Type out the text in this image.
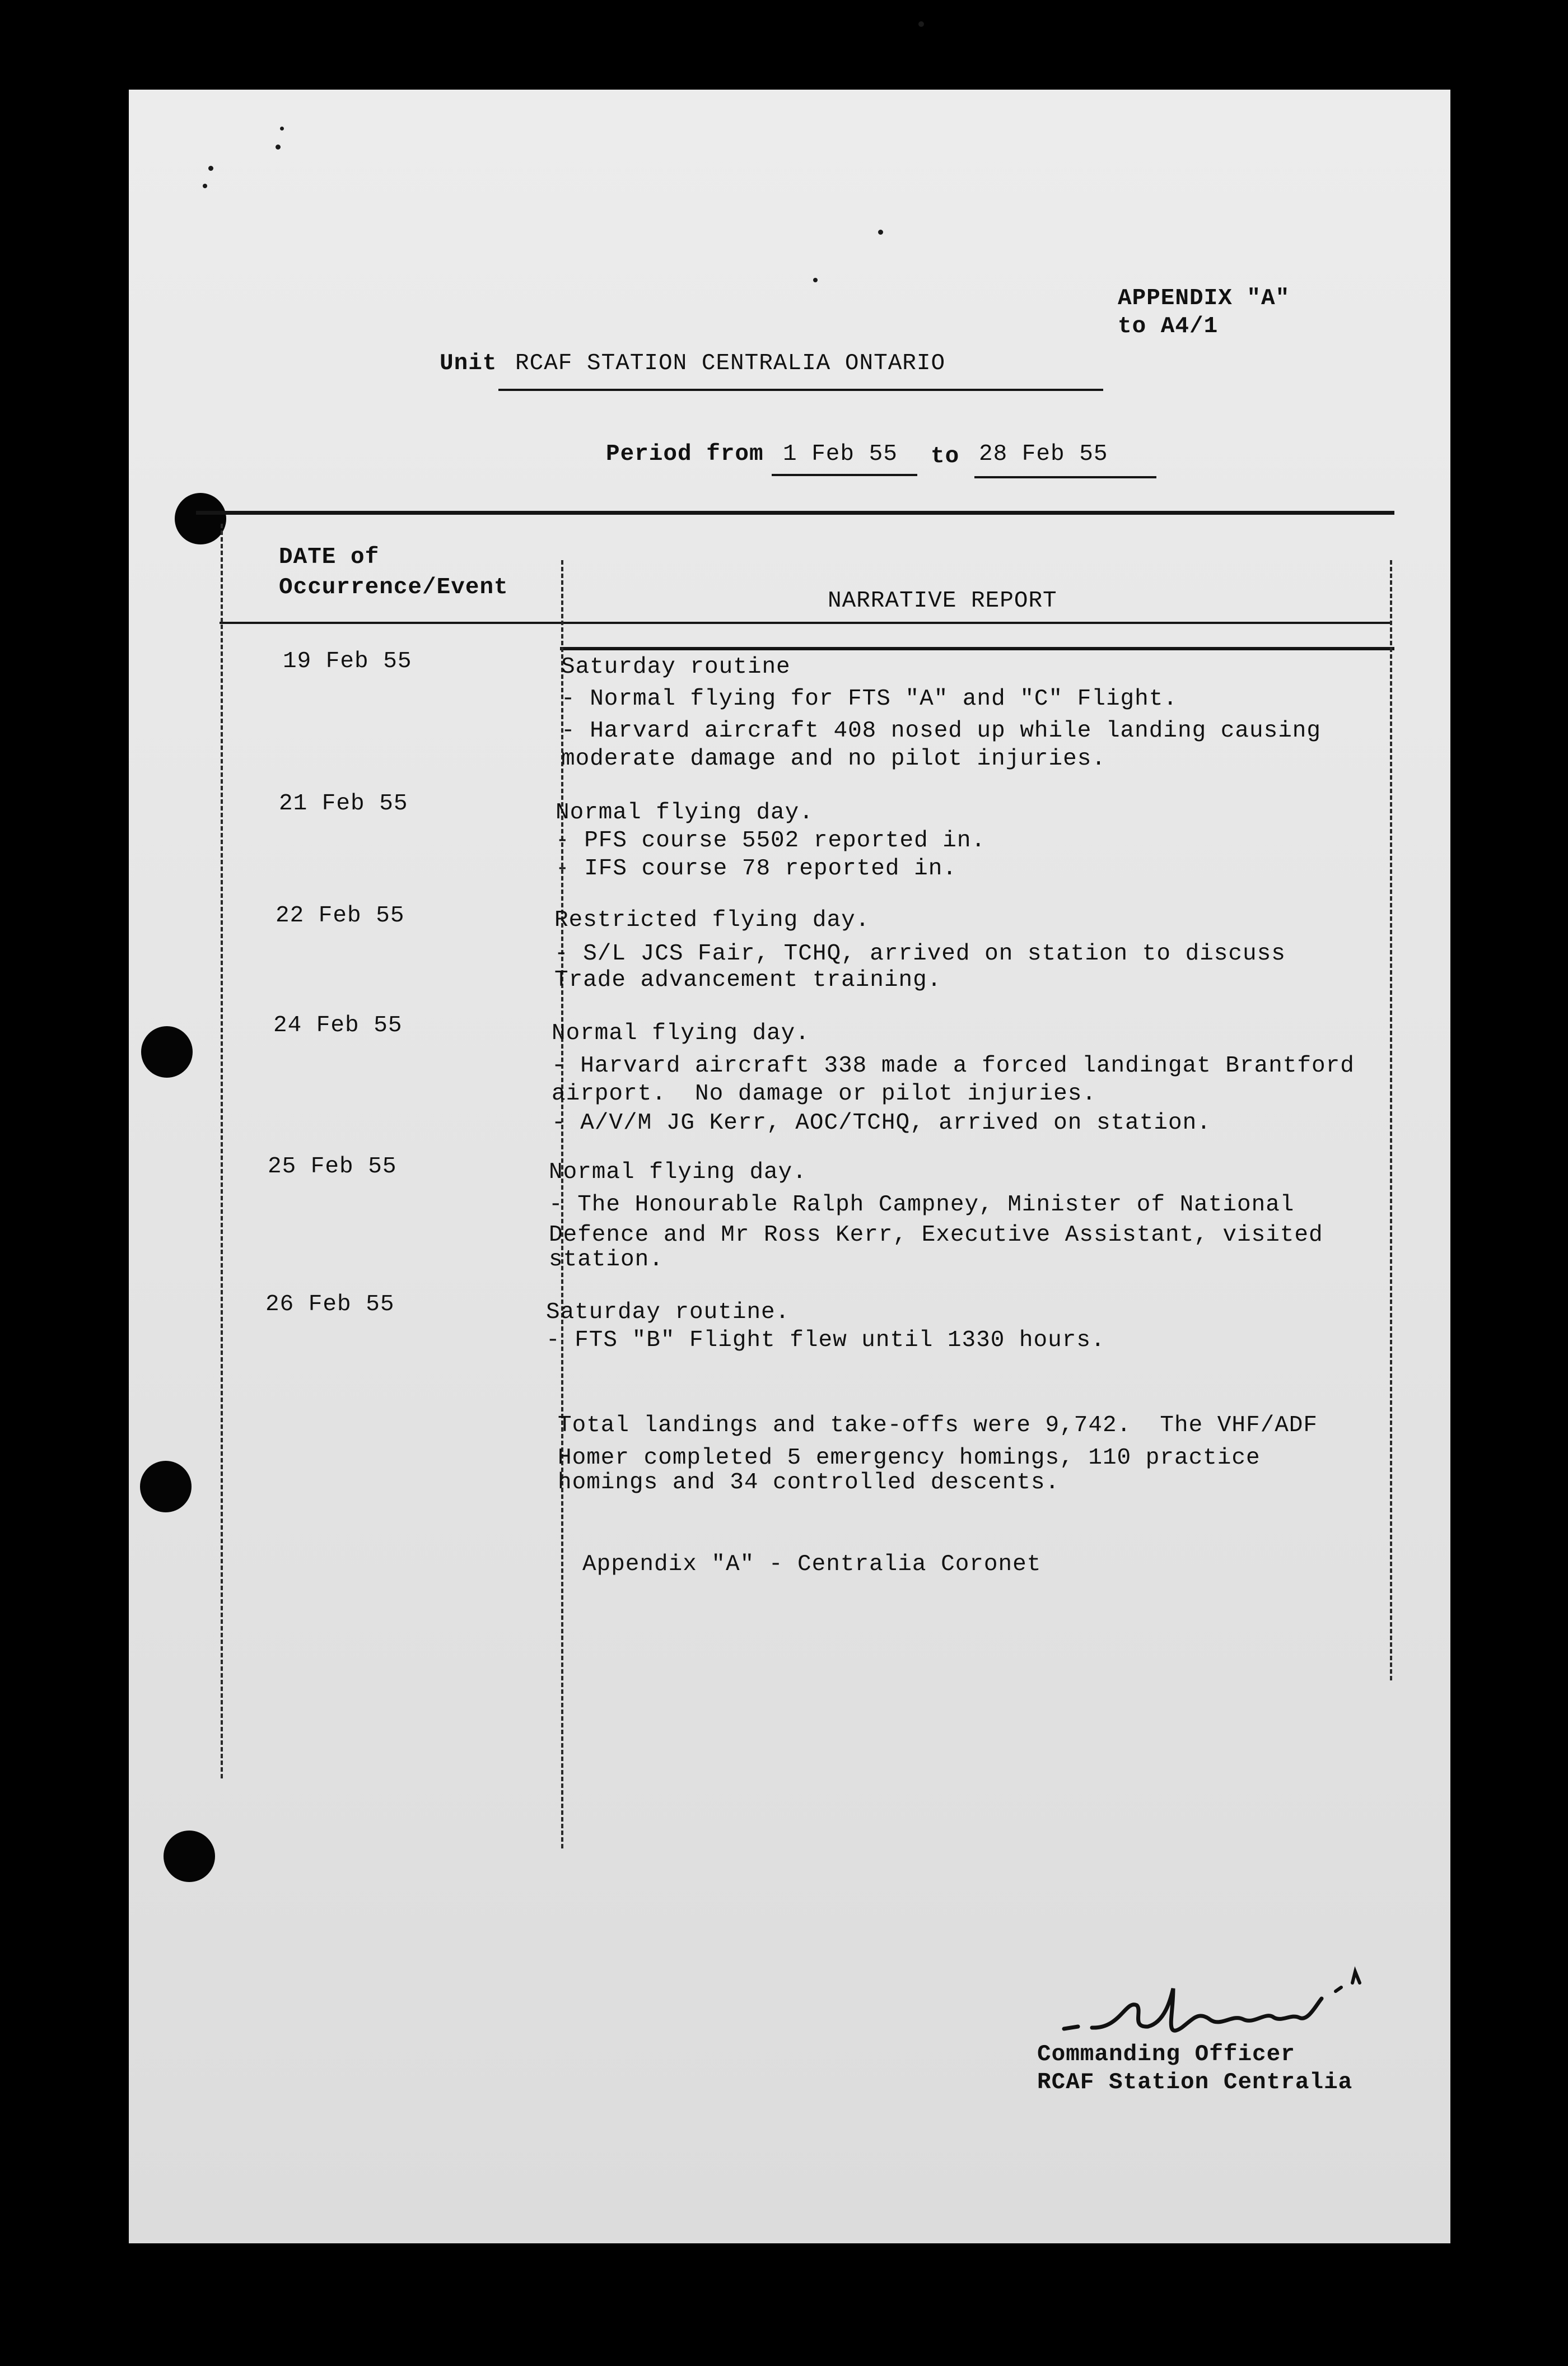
APPENDIX "A"
to A4/1
Unit RCAF STATION CENTRALIA ONTARIO
Period from 1 Feb 55 to 28 Feb 55
DATE of
Occurrence/Event
NARRATIVE REPORT
19 Feb 55	Saturday routine
- Normal flying for FTS "A" and "C" Flight.
- Harvard aircraft 408 nosed up while landing causing
moderate damage and no pilot injuries.
21 Feb 55	Normal flying day.
- PFS course 5502 reported in.
- IFS course 78 reported in.
22 Feb 55	Restricted flying day.
- S/L JCS Fair, TCHQ, arrived on station to discuss
Trade advancement training.
24 Feb 55	Normal flying day.
- Harvard aircraft 338 made a forced landingat Brantford
airport.  No damage or pilot injuries.
- A/V/M JG Kerr, AOC/TCHQ, arrived on station.
25 Feb 55	Normal flying day.
- The Honourable Ralph Campney, Minister of National
Defence and Mr Ross Kerr, Executive Assistant, visited
station.
26 Feb 55	Saturday routine.
- FTS "B" Flight flew until 1330 hours.
Total landings and take-offs were 9,742.  The VHF/ADF
Homer completed 5 emergency homings, 110 practice
homings and 34 controlled descents.
Appendix "A" - Centralia Coronet
Commanding Officer
RCAF Station Centralia
